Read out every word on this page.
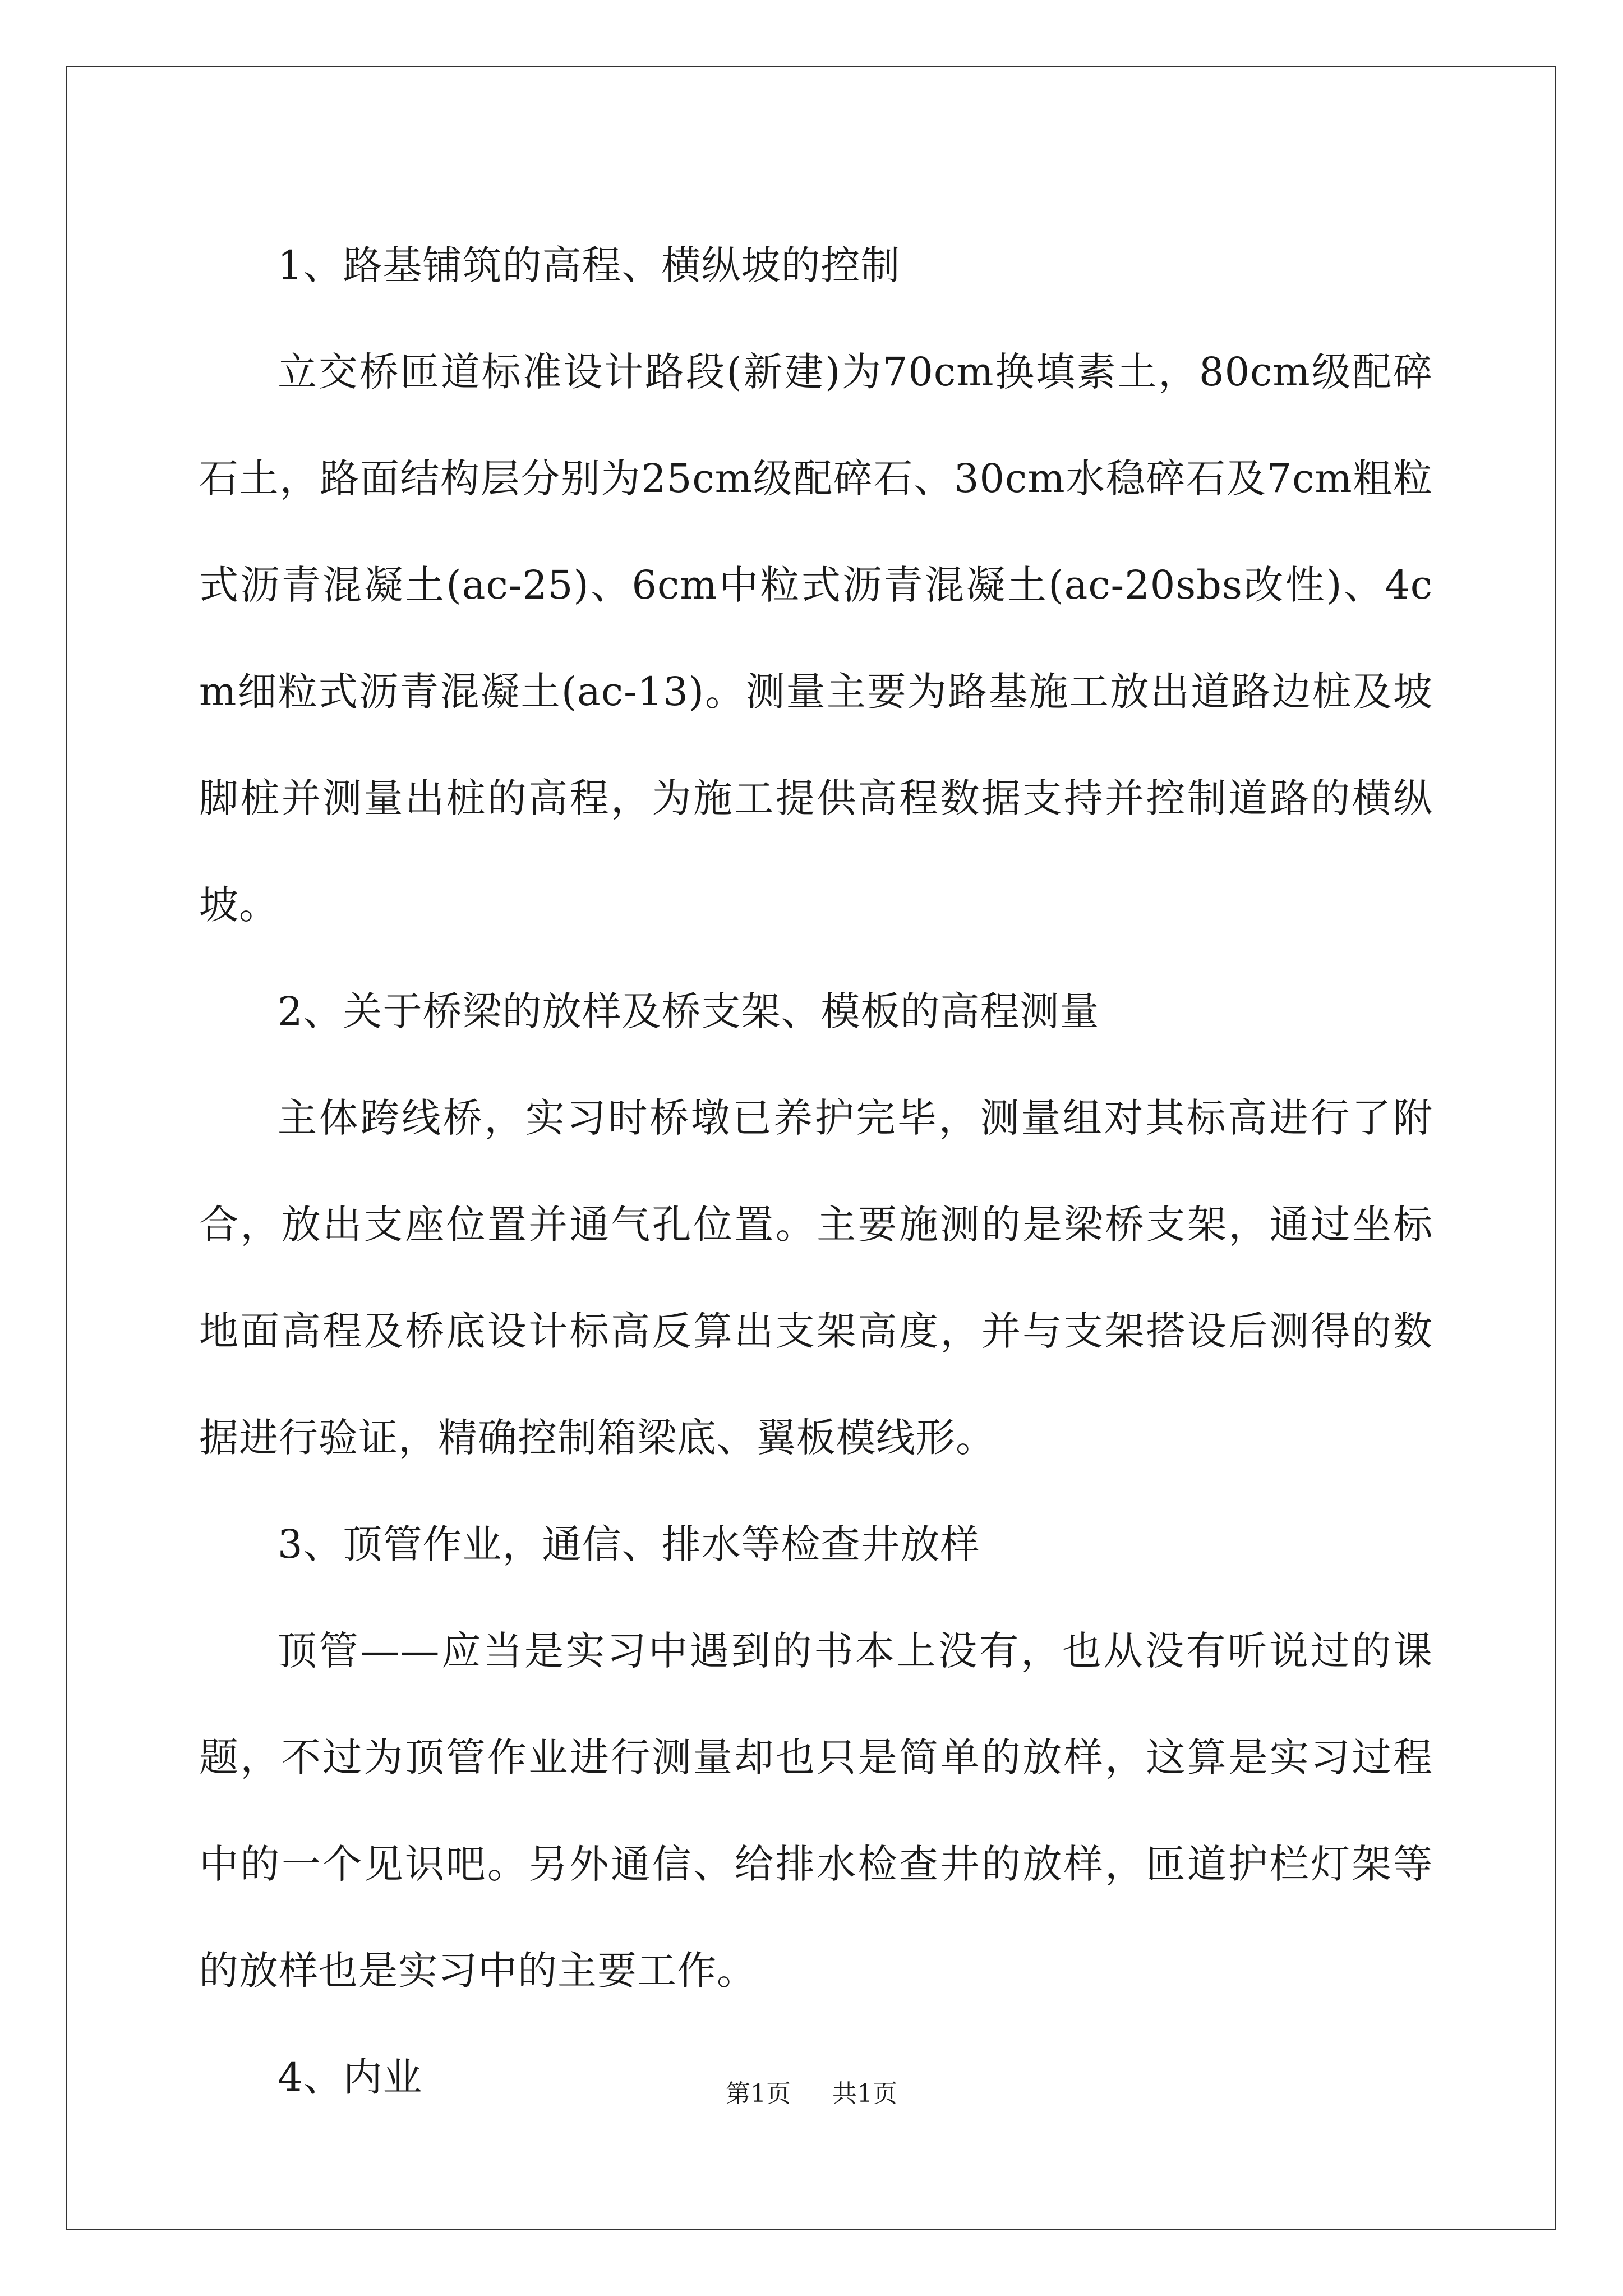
1、路基铺筑的高程、横纵坡的控制

立交桥匝道标准设计路段(新建)为70cm换填素土，80cm级配碎石土，路面结构层分别为25cm级配碎石、30cm水稳碎石及7cm粗粒式沥青混凝土(ac-25)、6cm中粒式沥青混凝土(ac-20sbs改性)、4cm细粒式沥青混凝土(ac-13)。测量主要为路基施工放出道路边桩及坡脚桩并测量出桩的高程，为施工提供高程数据支持并控制道路的横纵坡。

2、关于桥梁的放样及桥支架、模板的高程测量

主体跨线桥，实习时桥墩已养护完毕，测量组对其标高进行了附合，放出支座位置并通气孔位置。主要施测的是梁桥支架，通过坐标地面高程及桥底设计标高反算出支架高度，并与支架搭设后测得的数据进行验证，精确控制箱梁底、翼板模线形。

3、顶管作业，通信、排水等检查井放样

顶管——应当是实习中遇到的书本上没有，也从没有听说过的课题，不过为顶管作业进行测量却也只是简单的放样，这算是实习过程中的一个见识吧。另外通信、给排水检查井的放样，匝道护栏灯架等的放样也是实习中的主要工作。

4、内业	第1页 共1页
